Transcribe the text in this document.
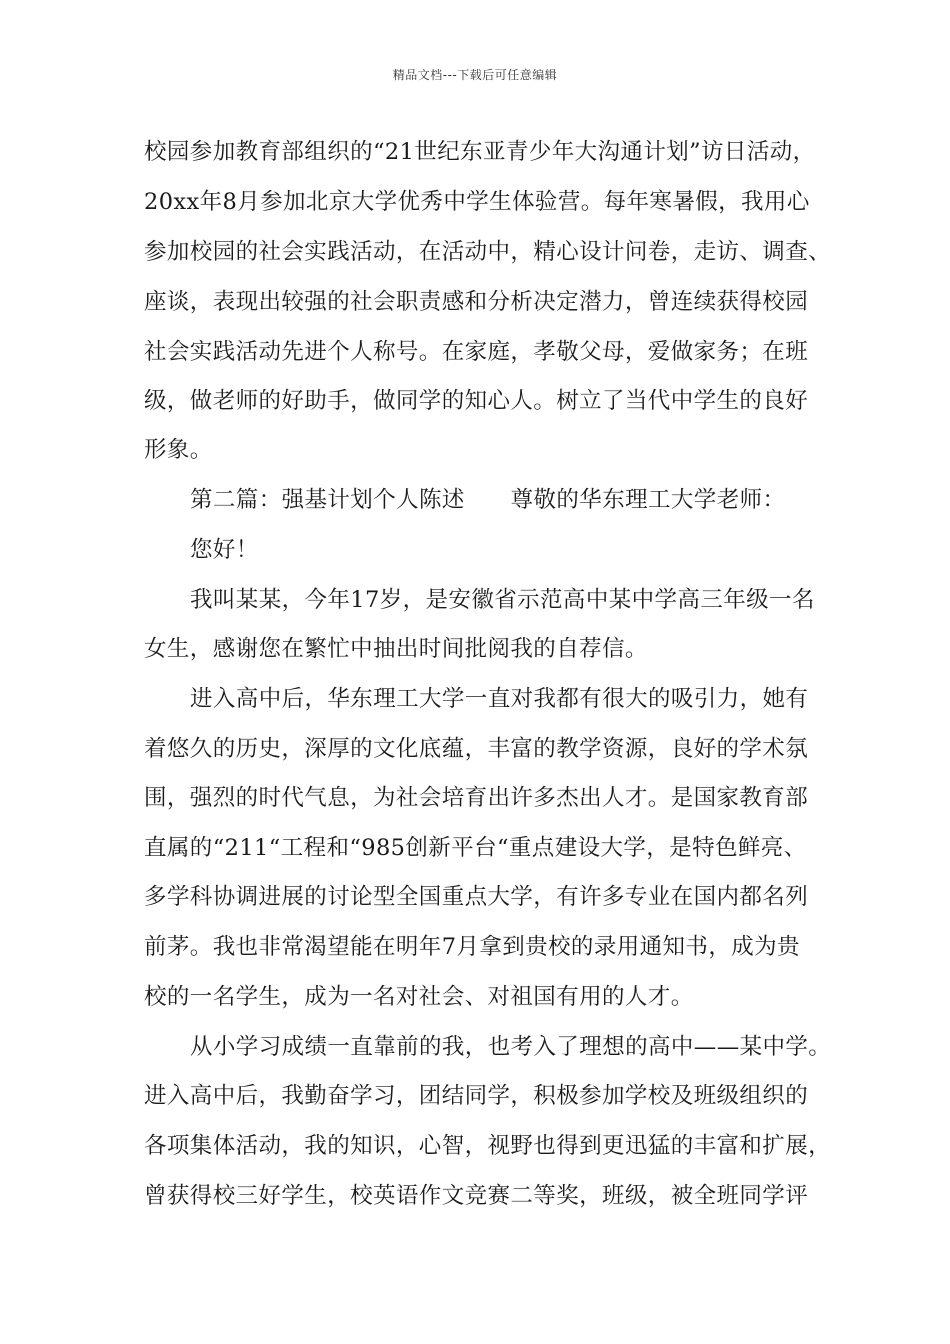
精品文档---下载后可任意编辑
校园参加教育部组织的“21世纪东亚青少年大沟通计划”访日活动，
20xx年8月参加北京大学优秀中学生体验营。每年寒暑假，我用心
参加校园的社会实践活动，在活动中，精心设计问卷，走访、调查、
座谈，表现出较强的社会职责感和分析决定潜力，曾连续获得校园
社会实践活动先进个人称号。在家庭，孝敬父母，爱做家务；在班
级，做老师的好助手，做同学的知心人。树立了当代中学生的良好
形象。
第二篇：强基计划个人陈述　　尊敬的华东理工大学老师：
您好！
我叫某某，今年17岁，是安徽省示范高中某中学高三年级一名
女生，感谢您在繁忙中抽出时间批阅我的自荐信。
进入高中后，华东理工大学一直对我都有很大的吸引力，她有
着悠久的历史，深厚的文化底蕴，丰富的教学资源，良好的学术氛
围，强烈的时代气息，为社会培育出许多杰出人才。是国家教育部
直属的“211“工程和“985创新平台“重点建设大学，是特色鲜亮、
多学科协调进展的讨论型全国重点大学，有许多专业在国内都名列
前茅。我也非常渴望能在明年7月拿到贵校的录用通知书，成为贵
校的一名学生，成为一名对社会、对祖国有用的人才。
从小学习成绩一直靠前的我，也考入了理想的高中——某中学。
进入高中后，我勤奋学习，团结同学，积极参加学校及班级组织的
各项集体活动，我的知识，心智，视野也得到更迅猛的丰富和扩展，
曾获得校三好学生，校英语作文竞赛二等奖，班级，被全班同学评
